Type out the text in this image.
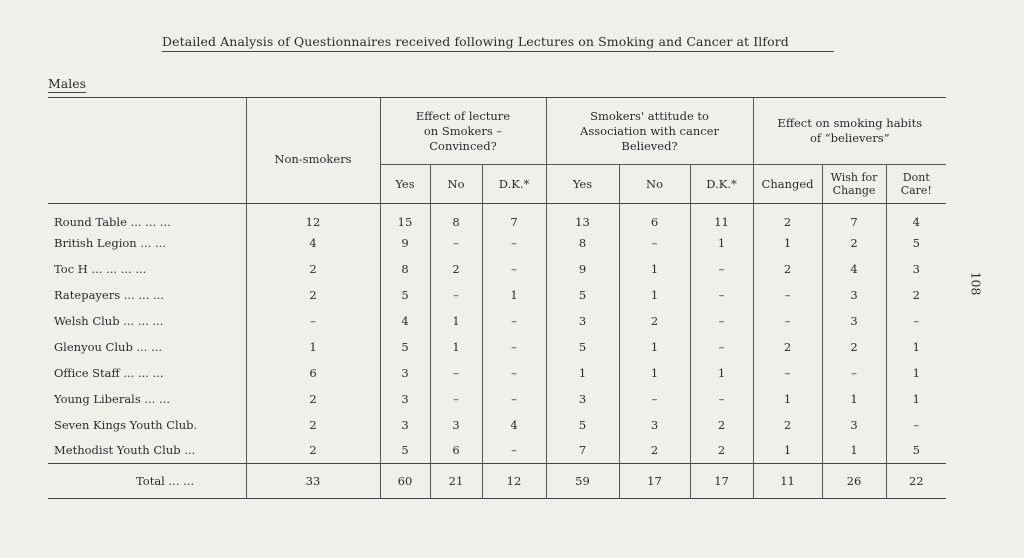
Detailed Analysis of Questionnaires received following Lectures on Smoking and Cancer at Ilford
Males
108
	Non-smokers	Effect of lecture on Smokers – Convinced?			Smokers' attitude to Association with cancer Believed?			Effect on smoking habits of “believers”		
		Yes	No	D.K.*	Yes	No	D.K.*	Changed	Wish for Change	Dont Care!
Round Table ... ... ...	12	15	8	7	13	6	11	2	7	4
British Legion ... ...	4	9	–	–	8	–	1	1	2	5
Toc H ... ... ... ...	2	8	2	–	9	1	–	2	4	3
Ratepayers ... ... ...	2	5	–	1	5	1	–	–	3	2
Welsh Club ... ... ...	–	4	1	–	3	2	–	–	3	–
Glenyou Club ... ...	1	5	1	–	5	1	–	2	2	1
Office Staff ... ... ...	6	3	–	–	1	1	1	–	–	1
Young Liberals ... ...	2	3	–	–	3	–	–	1	1	1
Seven Kings Youth Club.	2	3	3	4	5	3	2	2	3	–
Methodist Youth Club ...	2	5	6	–	7	2	2	1	1	5
Total ... ...	33	60	21	12	59	17	17	11	26	22
